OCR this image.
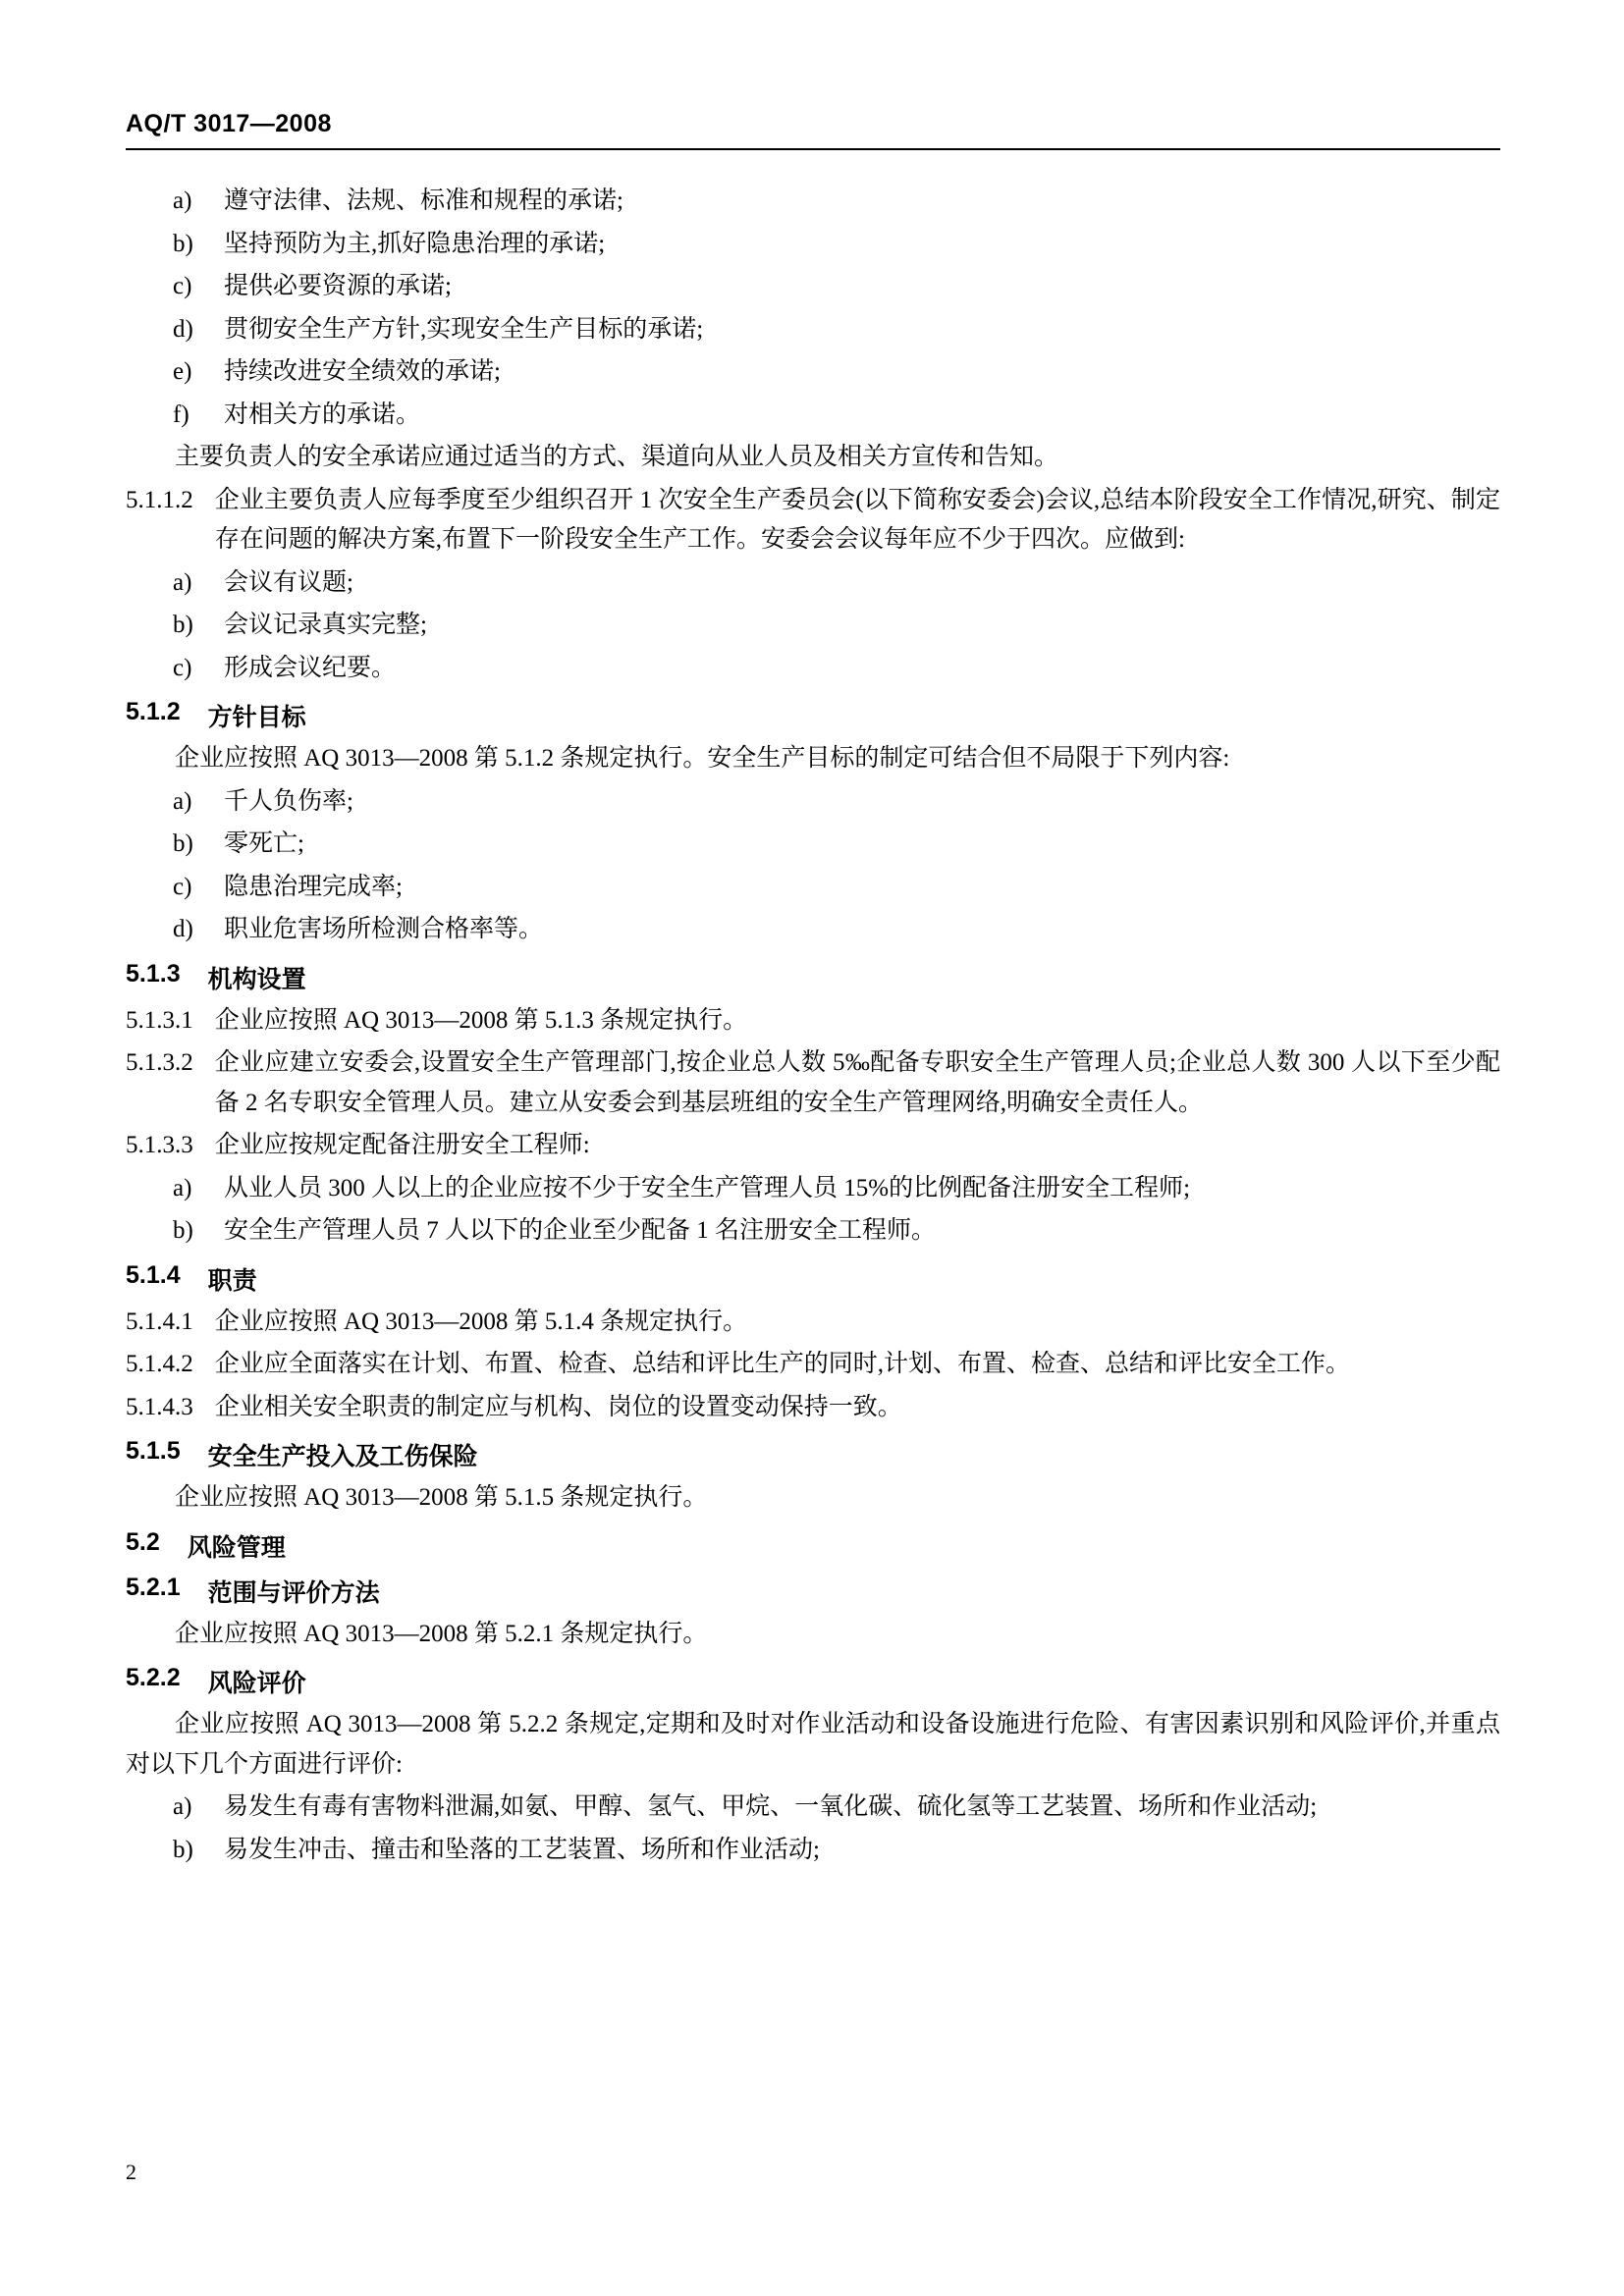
AQ/T 3017—2008
a)	遵守法律、法规、标准和规程的承诺;
b)	坚持预防为主,抓好隐患治理的承诺;
c)	提供必要资源的承诺;
d)	贯彻安全生产方针,实现安全生产目标的承诺;
e)	持续改进安全绩效的承诺;
f)	对相关方的承诺。

主要负责人的安全承诺应通过适当的方式、渠道向从业人员及相关方宣传和告知。

5.1.1.2 企业主要负责人应每季度至少组织召开 1 次安全生产委员会(以下简称安委会)会议,总结本阶段安全工作情况,研究、制定存在问题的解决方案,布置下一阶段安全生产工作。安委会会议每年应不少于四次。应做到:
a)	会议有议题;
b)	会议记录真实完整;
c)	形成会议纪要。
5.1.2 方针目标

企业应按照 AQ 3013—2008 第 5.1.2 条规定执行。安全生产目标的制定可结合但不局限于下列内容:

a)	千人负伤率;
b)	零死亡;
c)	隐患治理完成率;
d)	职业危害场所检测合格率等。
5.1.3 机构设置
5.1.3.1 企业应按照 AQ 3013—2008 第 5.1.3 条规定执行。
5.1.3.2 企业应建立安委会,设置安全生产管理部门,按企业总人数 5‰配备专职安全生产管理人员;企业总人数 300 人以下至少配备 2 名专职安全管理人员。建立从安委会到基层班组的安全生产管理网络,明确安全责任人。
5.1.3.3 企业应按规定配备注册安全工程师:
a)	从业人员 300 人以上的企业应按不少于安全生产管理人员 15%的比例配备注册安全工程师;
b)	安全生产管理人员 7 人以下的企业至少配备 1 名注册安全工程师。
5.1.4 职责
5.1.4.1 企业应按照 AQ 3013—2008 第 5.1.4 条规定执行。
5.1.4.2 企业应全面落实在计划、布置、检查、总结和评比生产的同时,计划、布置、检查、总结和评比安全工作。
5.1.4.3 企业相关安全职责的制定应与机构、岗位的设置变动保持一致。
5.1.5 安全生产投入及工伤保险

企业应按照 AQ 3013—2008 第 5.1.5 条规定执行。

5.2 风险管理
5.2.1 范围与评价方法

企业应按照 AQ 3013—2008 第 5.2.1 条规定执行。

5.2.2 风险评价

企业应按照 AQ 3013—2008 第 5.2.2 条规定,定期和及时对作业活动和设备设施进行危险、有害因素识别和风险评价,并重点对以下几个方面进行评价:

a)	易发生有毒有害物料泄漏,如氨、甲醇、氢气、甲烷、一氧化碳、硫化氢等工艺装置、场所和作业活动;
b)	易发生冲击、撞击和坠落的工艺装置、场所和作业活动;
2
